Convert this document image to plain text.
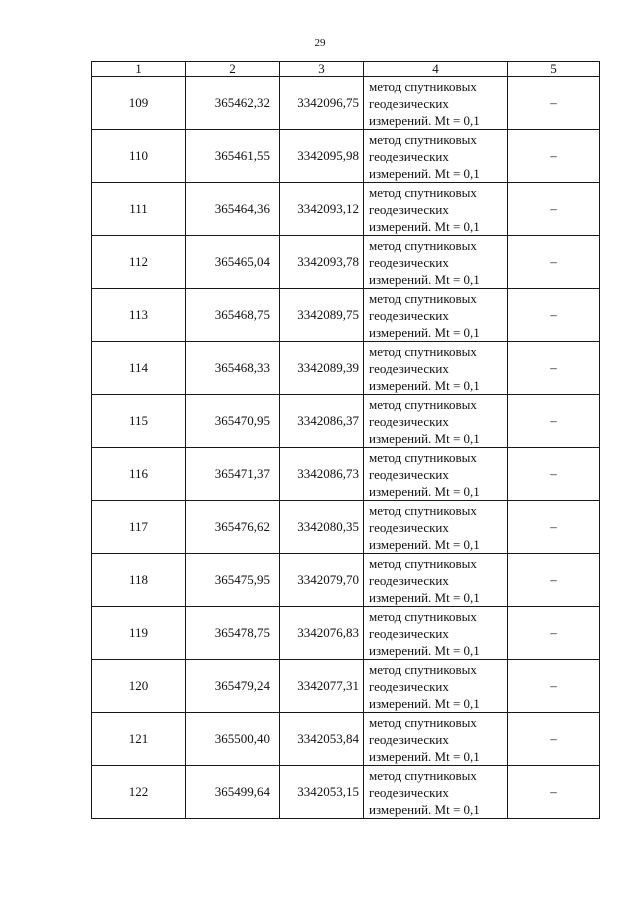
29
1	2	3	4	5
109	365462,32	3342096,75	метод спутниковых
геодезических
измерений. Mt = 0,1	–
110	365461,55	3342095,98	метод спутниковых
геодезических
измерений. Mt = 0,1	–
111	365464,36	3342093,12	метод спутниковых
геодезических
измерений. Mt = 0,1	–
112	365465,04	3342093,78	метод спутниковых
геодезических
измерений. Mt = 0,1	–
113	365468,75	3342089,75	метод спутниковых
геодезических
измерений. Mt = 0,1	–
114	365468,33	3342089,39	метод спутниковых
геодезических
измерений. Mt = 0,1	–
115	365470,95	3342086,37	метод спутниковых
геодезических
измерений. Mt = 0,1	–
116	365471,37	3342086,73	метод спутниковых
геодезических
измерений. Mt = 0,1	–
117	365476,62	3342080,35	метод спутниковых
геодезических
измерений. Mt = 0,1	–
118	365475,95	3342079,70	метод спутниковых
геодезических
измерений. Mt = 0,1	–
119	365478,75	3342076,83	метод спутниковых
геодезических
измерений. Mt = 0,1	–
120	365479,24	3342077,31	метод спутниковых
геодезических
измерений. Mt = 0,1	–
121	365500,40	3342053,84	метод спутниковых
геодезических
измерений. Mt = 0,1	–
122	365499,64	3342053,15	метод спутниковых
геодезических
измерений. Mt = 0,1	–
